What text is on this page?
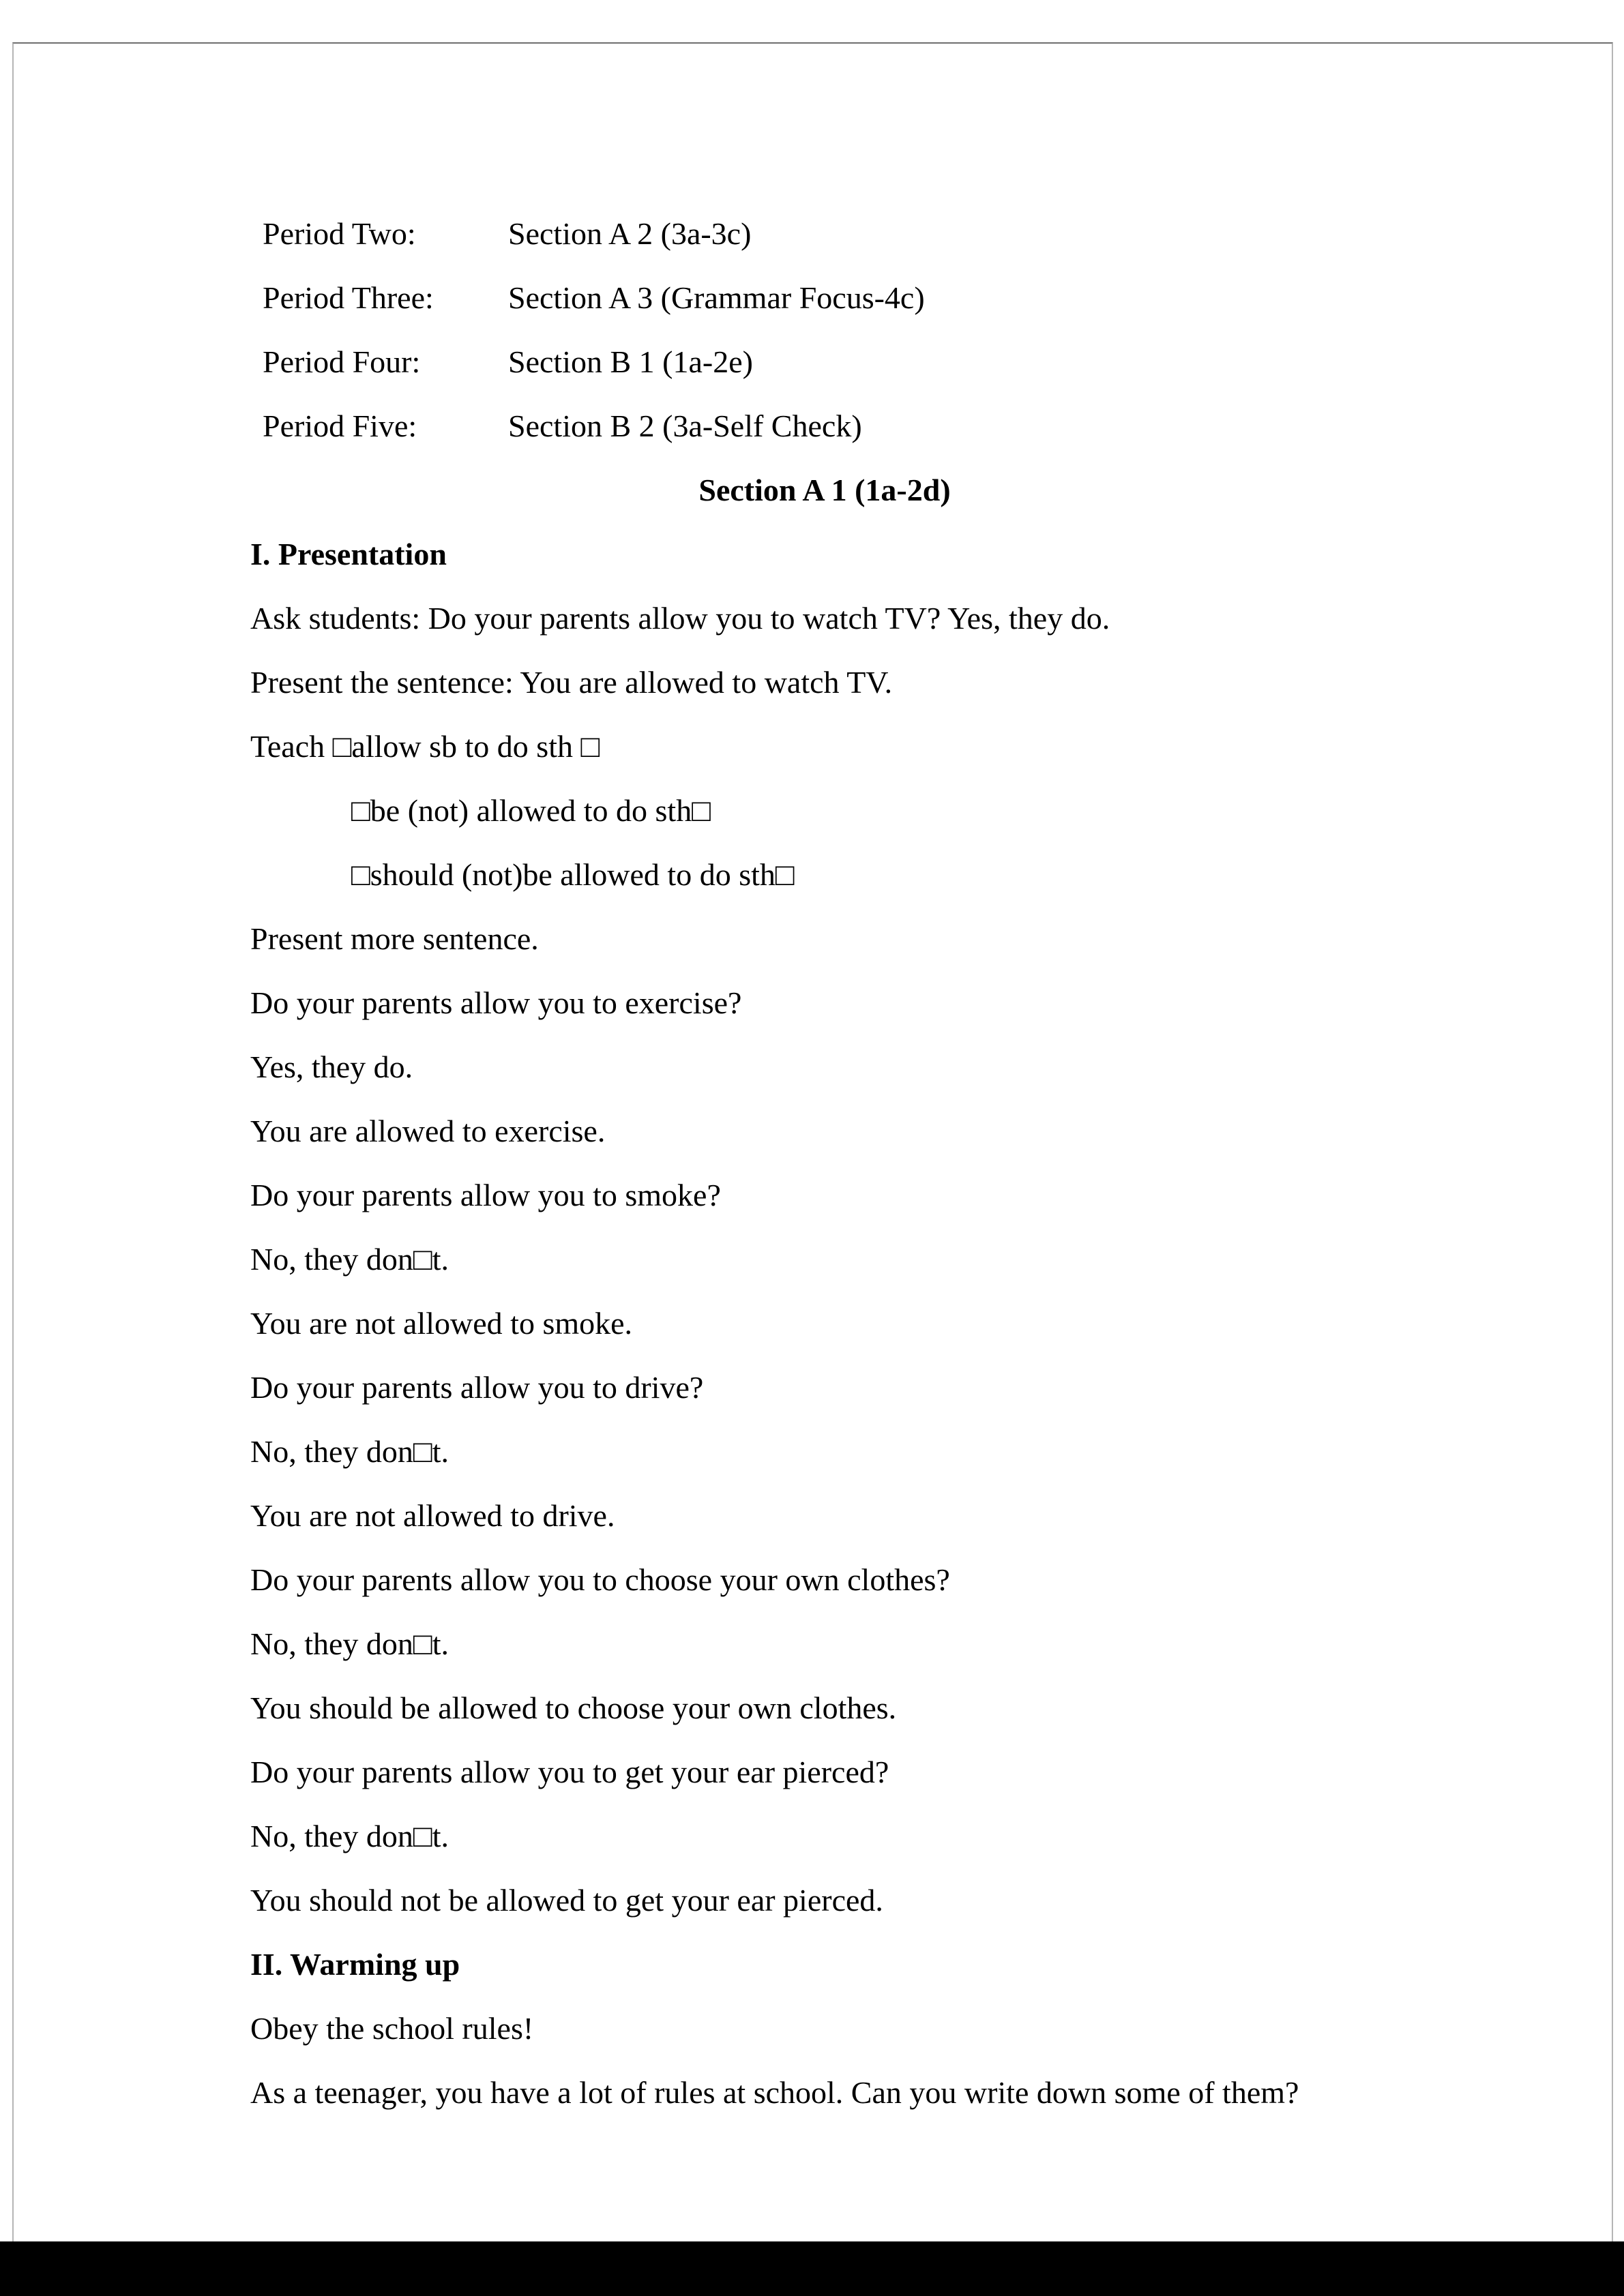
Period Two:	Section A 2 (3a-3c)
Period Three: Section A 3 (Grammar Focus-4c)
Period Four:	Section B 1 (1a-2e)
Period Five:	Section B 2 (3a-Self Check)
Section A 1 (1a-2d)
I. Presentation
Ask students: Do your parents allow you to watch TV? Yes, they do.
Present the sentence: You are allowed to watch TV.
Teach □allow sb to do sth □
□be (not) allowed to do sth□
□should (not)be allowed to do sth□
Present more sentence.
Do your parents allow you to exercise?
Yes, they do.
You are allowed to exercise.
Do your parents allow you to smoke?
No, they don□t.
You are not allowed to smoke.
Do your parents allow you to drive?
No, they don□t.
You are not allowed to drive.
Do your parents allow you to choose your own clothes?
No, they don□t.
You should be allowed to choose your own clothes.
Do your parents allow you to get your ear pierced?
No, they don□t.
You should not be allowed to get your ear pierced.
II. Warming up
Obey the school rules!
As a teenager, you have a lot of rules at school. Can you write down some of them?
